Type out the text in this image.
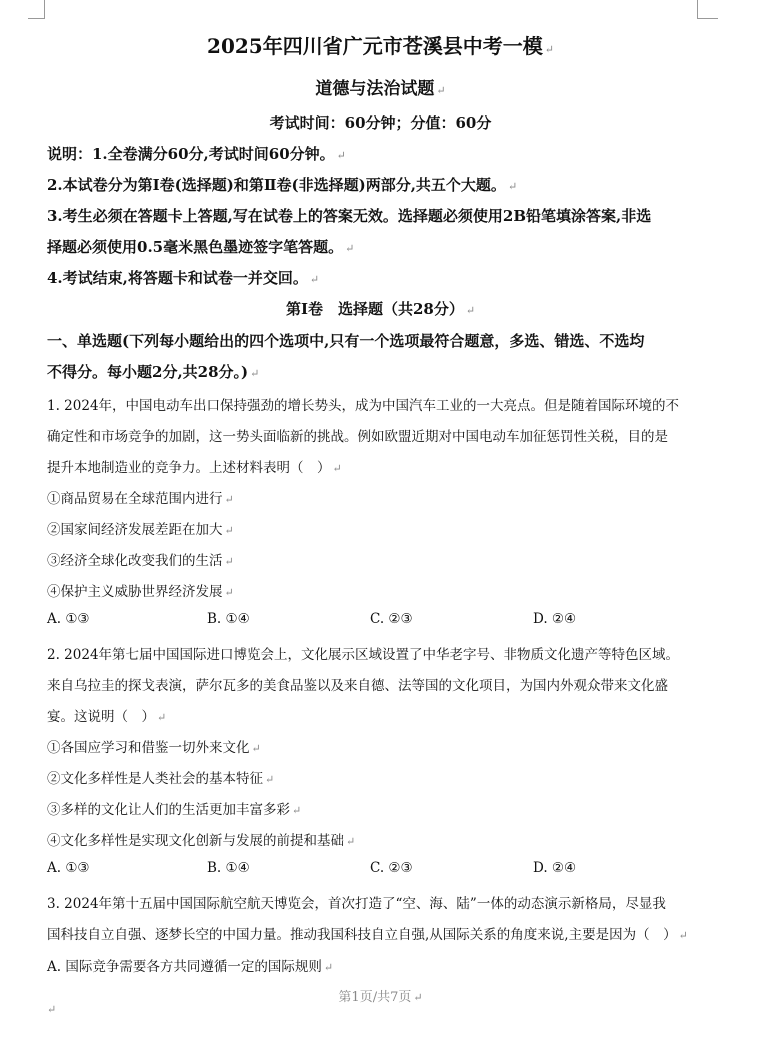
2025年四川省广元市苍溪县中考一模 ↵
道德与法治试题 ↵
考试时间：60分钟；分值：60分
说明：1.全卷满分60分,考试时间60分钟。 ↵
2.本试卷分为第Ⅰ卷(选择题)和第Ⅱ卷(非选择题)两部分,共五个大题。 ↵
3.考生必须在答题卡上答题,写在试卷上的答案无效。选择题必须使用2B铅笔填涂答案,非选
择题必须使用0.5毫米黑色墨迹签字笔答题。 ↵
4.考试结束,将答题卡和试卷一并交回。 ↵
第Ⅰ卷　选择题（共28分） ↵
一、单选题(下列每小题给出的四个选项中,只有一个选项最符合题意，多选、错选、不选均
不得分。每小题2分,共28分。) ↵
1. 2024年，中国电动车出口保持强劲的增长势头，成为中国汽车工业的一大亮点。但是随着国际环境的不
确定性和市场竞争的加剧，这一势头面临新的挑战。例如欧盟近期对中国电动车加征惩罚性关税，目的是
提升本地制造业的竞争力。上述材料表明（　） ↵
①商品贸易在全球范围内进行 ↵
②国家间经济发展差距在加大 ↵
③经济全球化改变我们的生活 ↵
④保护主义威胁世界经济发展 ↵
A. ①③	B. ①④	C. ②③	D. ②④
2. 2024年第七届中国国际进口博览会上，文化展示区域设置了中华老字号、非物质文化遗产等特色区域。
来自乌拉圭的探戈表演，萨尔瓦多的美食品鉴以及来自德、法等国的文化项目，为国内外观众带来文化盛
宴。这说明（　） ↵
①各国应学习和借鉴一切外来文化 ↵
②文化多样性是人类社会的基本特征 ↵
③多样的文化让人们的生活更加丰富多彩 ↵
④文化多样性是实现文化创新与发展的前提和基础 ↵
A. ①③	B. ①④	C. ②③	D. ②④
3. 2024年第十五届中国国际航空航天博览会，首次打造了“空、海、陆”一体的动态演示新格局，尽显我
国科技自立自强、逐梦长空的中国力量。推动我国科技自立自强,从国际关系的角度来说,主要是因为（　） ↵
A. 国际竞争需要各方共同遵循一定的国际规则 ↵
第1页/共7页 ↵
↵
